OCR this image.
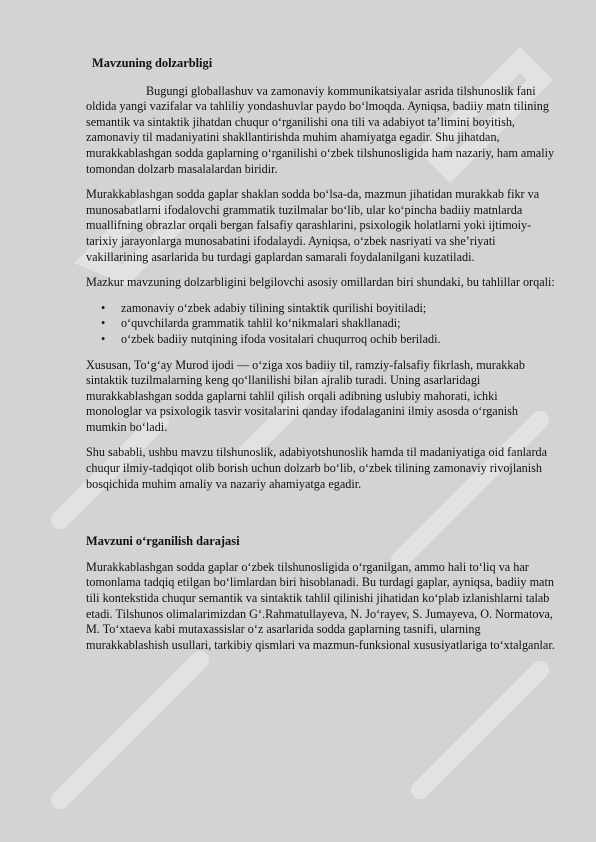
Mavzuning dolzarbligi

Bugungi globallashuv va zamonaviy kommunikatsiyalar asrida tilshunoslik fani oldida yangi vazifalar va tahliliy yondashuvlar paydo bo‘lmoqda. Ayniqsa, badiiy matn tilining semantik va sintaktik jihatdan chuqur o‘rganilishi ona tili va adabiyot ta’limini boyitish, zamonaviy til madaniyatini shakllantirishda muhim ahamiyatga egadir. Shu jihatdan, murakkablashgan sodda gaplarning o‘rganilishi o‘zbek tilshunosligida ham nazariy, ham amaliy tomondan dolzarb masalalardan biridir.

Murakkablashgan sodda gaplar shaklan sodda bo‘lsa-da, mazmun jihatidan murakkab fikr va munosabatlarni ifodalovchi grammatik tuzilmalar bo‘lib, ular ko‘pincha badiiy matnlarda muallifning obrazlar orqali bergan falsafiy qarashlarini, psixologik holatlarni yoki ijtimoiy-tarixiy jarayonlarga munosabatini ifodalaydi. Ayniqsa, o‘zbek nasriyati va she’riyati vakillarining asarlarida bu turdagi gaplardan samarali foydalanilgani kuzatiladi.

Mazkur mavzuning dolzarbligini belgilovchi asosiy omillardan biri shundaki, bu tahlillar orqali:

• zamonaviy o‘zbek adabiy tilining sintaktik qurilishi boyitiladi;
• o‘quvchilarda grammatik tahlil ko‘nikmalari shakllanadi;
• o‘zbek badiiy nutqining ifoda vositalari chuqurroq ochib beriladi.

Xususan, To‘g‘ay Murod ijodi — o‘ziga xos badiiy til, ramziy-falsafiy fikrlash, murakkab sintaktik tuzilmalarning keng qo‘llanilishi bilan ajralib turadi. Uning asarlaridagi murakkablashgan sodda gaplarni tahlil qilish orqali adibning uslubiy mahorati, ichki monologlar va psixologik tasvir vositalarini qanday ifodalaganini ilmiy asosda o‘rganish mumkin bo‘ladi.

Shu sababli, ushbu mavzu tilshunoslik, adabiyotshunoslik hamda til madaniyatiga oid fanlarda chuqur ilmiy-tadqiqot olib borish uchun dolzarb bo‘lib, o‘zbek tilining zamonaviy rivojlanish bosqichida muhim amaliy va nazariy ahamiyatga egadir.

Mavzuni o‘rganilish darajasi

Murakkablashgan sodda gaplar o‘zbek tilshunosligida o‘rganilgan, ammo hali to‘liq va har tomonlama tadqiq etilgan bo‘limlardan biri hisoblanadi. Bu turdagi gaplar, ayniqsa, badiiy matn tili kontekstida chuqur semantik va sintaktik tahlil qilinishi jihatidan ko‘plab izlanishlarni talab etadi. Tilshunos olimalarimizdan G‘.Rahmatullayeva, N. Jo‘rayev, S. Jumayeva, O. Normatova, M. To‘xtaeva kabi mutaxassislar o‘z asarlarida sodda gaplarning tasnifi, ularning murakkablashish usullari, tarkibiy qismlari va mazmun-funksional xususiyatlariga to‘xtalganlar.
